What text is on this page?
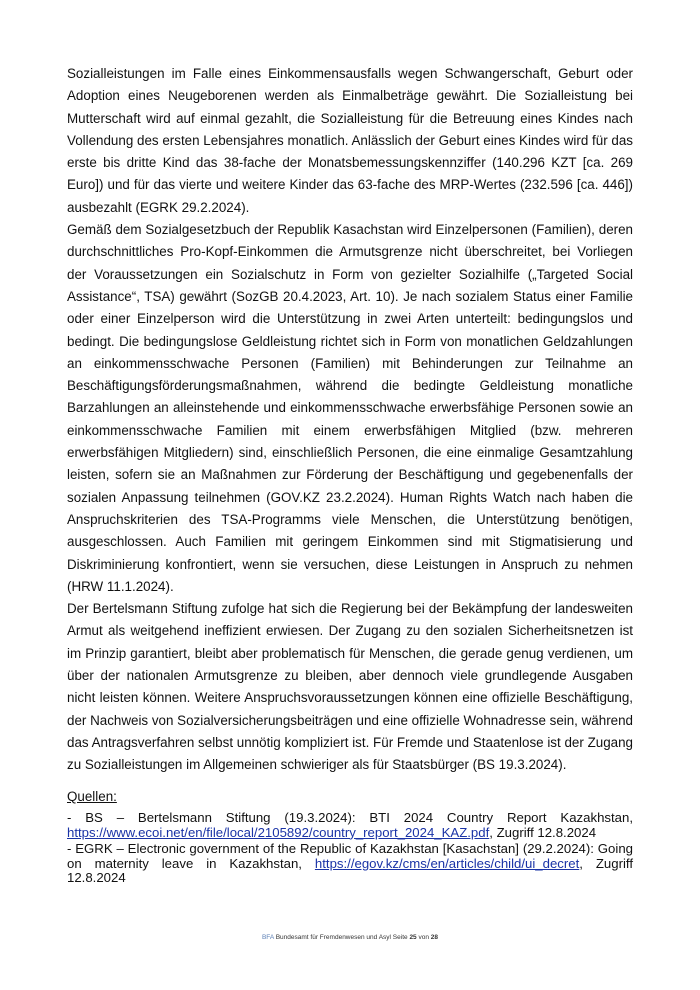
Sozialleistungen im Falle eines Einkommensausfalls wegen Schwangerschaft, Geburt oder Adoption eines Neugeborenen werden als Einmalbeträge gewährt. Die Sozialleistung bei Mutterschaft wird auf einmal gezahlt, die Sozialleistung für die Betreuung eines Kindes nach Vollendung des ersten Lebensjahres monatlich. Anlässlich der Geburt eines Kindes wird für das erste bis dritte Kind das 38-fache der Monatsbemessungskennziffer (140.296 KZT [ca. 269 Euro]) und für das vierte und weitere Kinder das 63-fache des MRP-Wertes (232.596 [ca. 446]) ausbezahlt (EGRK 29.2.2024).

Gemäß dem Sozialgesetzbuch der Republik Kasachstan wird Einzelpersonen (Familien), deren durchschnittliches Pro-Kopf-Einkommen die Armutsgrenze nicht überschreitet, bei Vorliegen der Voraussetzungen ein Sozialschutz in Form von gezielter Sozialhilfe („Targeted Social Assistance“, TSA) gewährt (SozGB 20.4.2023, Art. 10). Je nach sozialem Status einer Familie oder einer Einzelperson wird die Unterstützung in zwei Arten unterteilt: bedingungslos und bedingt. Die bedingungslose Geldleistung richtet sich in Form von monatlichen Geldzahlungen an einkommensschwache Personen (Familien) mit Behinderungen zur Teilnahme an Beschäftigungsförderungsmaßnahmen, während die bedingte Geldleistung monatliche Barzahlungen an alleinstehende und einkommensschwache erwerbsfähige Personen sowie an einkommensschwache Familien mit einem erwerbsfähigen Mitglied (bzw. mehreren erwerbsfähigen Mitgliedern) sind, einschließlich Personen, die eine einmalige Gesamtzahlung leisten, sofern sie an Maßnahmen zur Förderung der Beschäftigung und gegebenenfalls der sozialen Anpassung teilnehmen (GOV.KZ 23.2.2024). Human Rights Watch nach haben die Anspruchskriterien des TSA-Programms viele Menschen, die Unterstützung benötigen, ausgeschlossen. Auch Familien mit geringem Einkommen sind mit Stigmatisierung und Diskriminierung konfrontiert, wenn sie versuchen, diese Leistungen in Anspruch zu nehmen (HRW 11.1.2024).

Der Bertelsmann Stiftung zufolge hat sich die Regierung bei der Bekämpfung der landesweiten Armut als weitgehend ineffizient erwiesen. Der Zugang zu den sozialen Sicherheitsnetzen ist im Prinzip garantiert, bleibt aber problematisch für Menschen, die gerade genug verdienen, um über der nationalen Armutsgrenze zu bleiben, aber dennoch viele grundlegende Ausgaben nicht leisten können. Weitere Anspruchsvoraussetzungen können eine offizielle Beschäftigung, der Nachweis von Sozialversicherungsbeiträgen und eine offizielle Wohnadresse sein, während das Antragsverfahren selbst unnötig kompliziert ist. Für Fremde und Staatenlose ist der Zugang zu Sozialleistungen im Allgemeinen schwieriger als für Staatsbürger (BS 19.3.2024).

Quellen:

- BS – Bertelsmann Stiftung (19.3.2024): BTI 2024 Country Report Kazakhstan, https://www.ecoi.net/en/file/local/2105892/country_report_2024_KAZ.pdf, Zugriff 12.8.2024

- EGRK – Electronic government of the Republic of Kazakhstan [Kasachstan] (29.2.2024): Going on maternity leave in Kazakhstan, https://egov.kz/cms/en/articles/child/ui_decret, Zugriff 12.8.2024

BFA Bundesamt für Fremdenwesen und Asyl Seite 25 von 28
